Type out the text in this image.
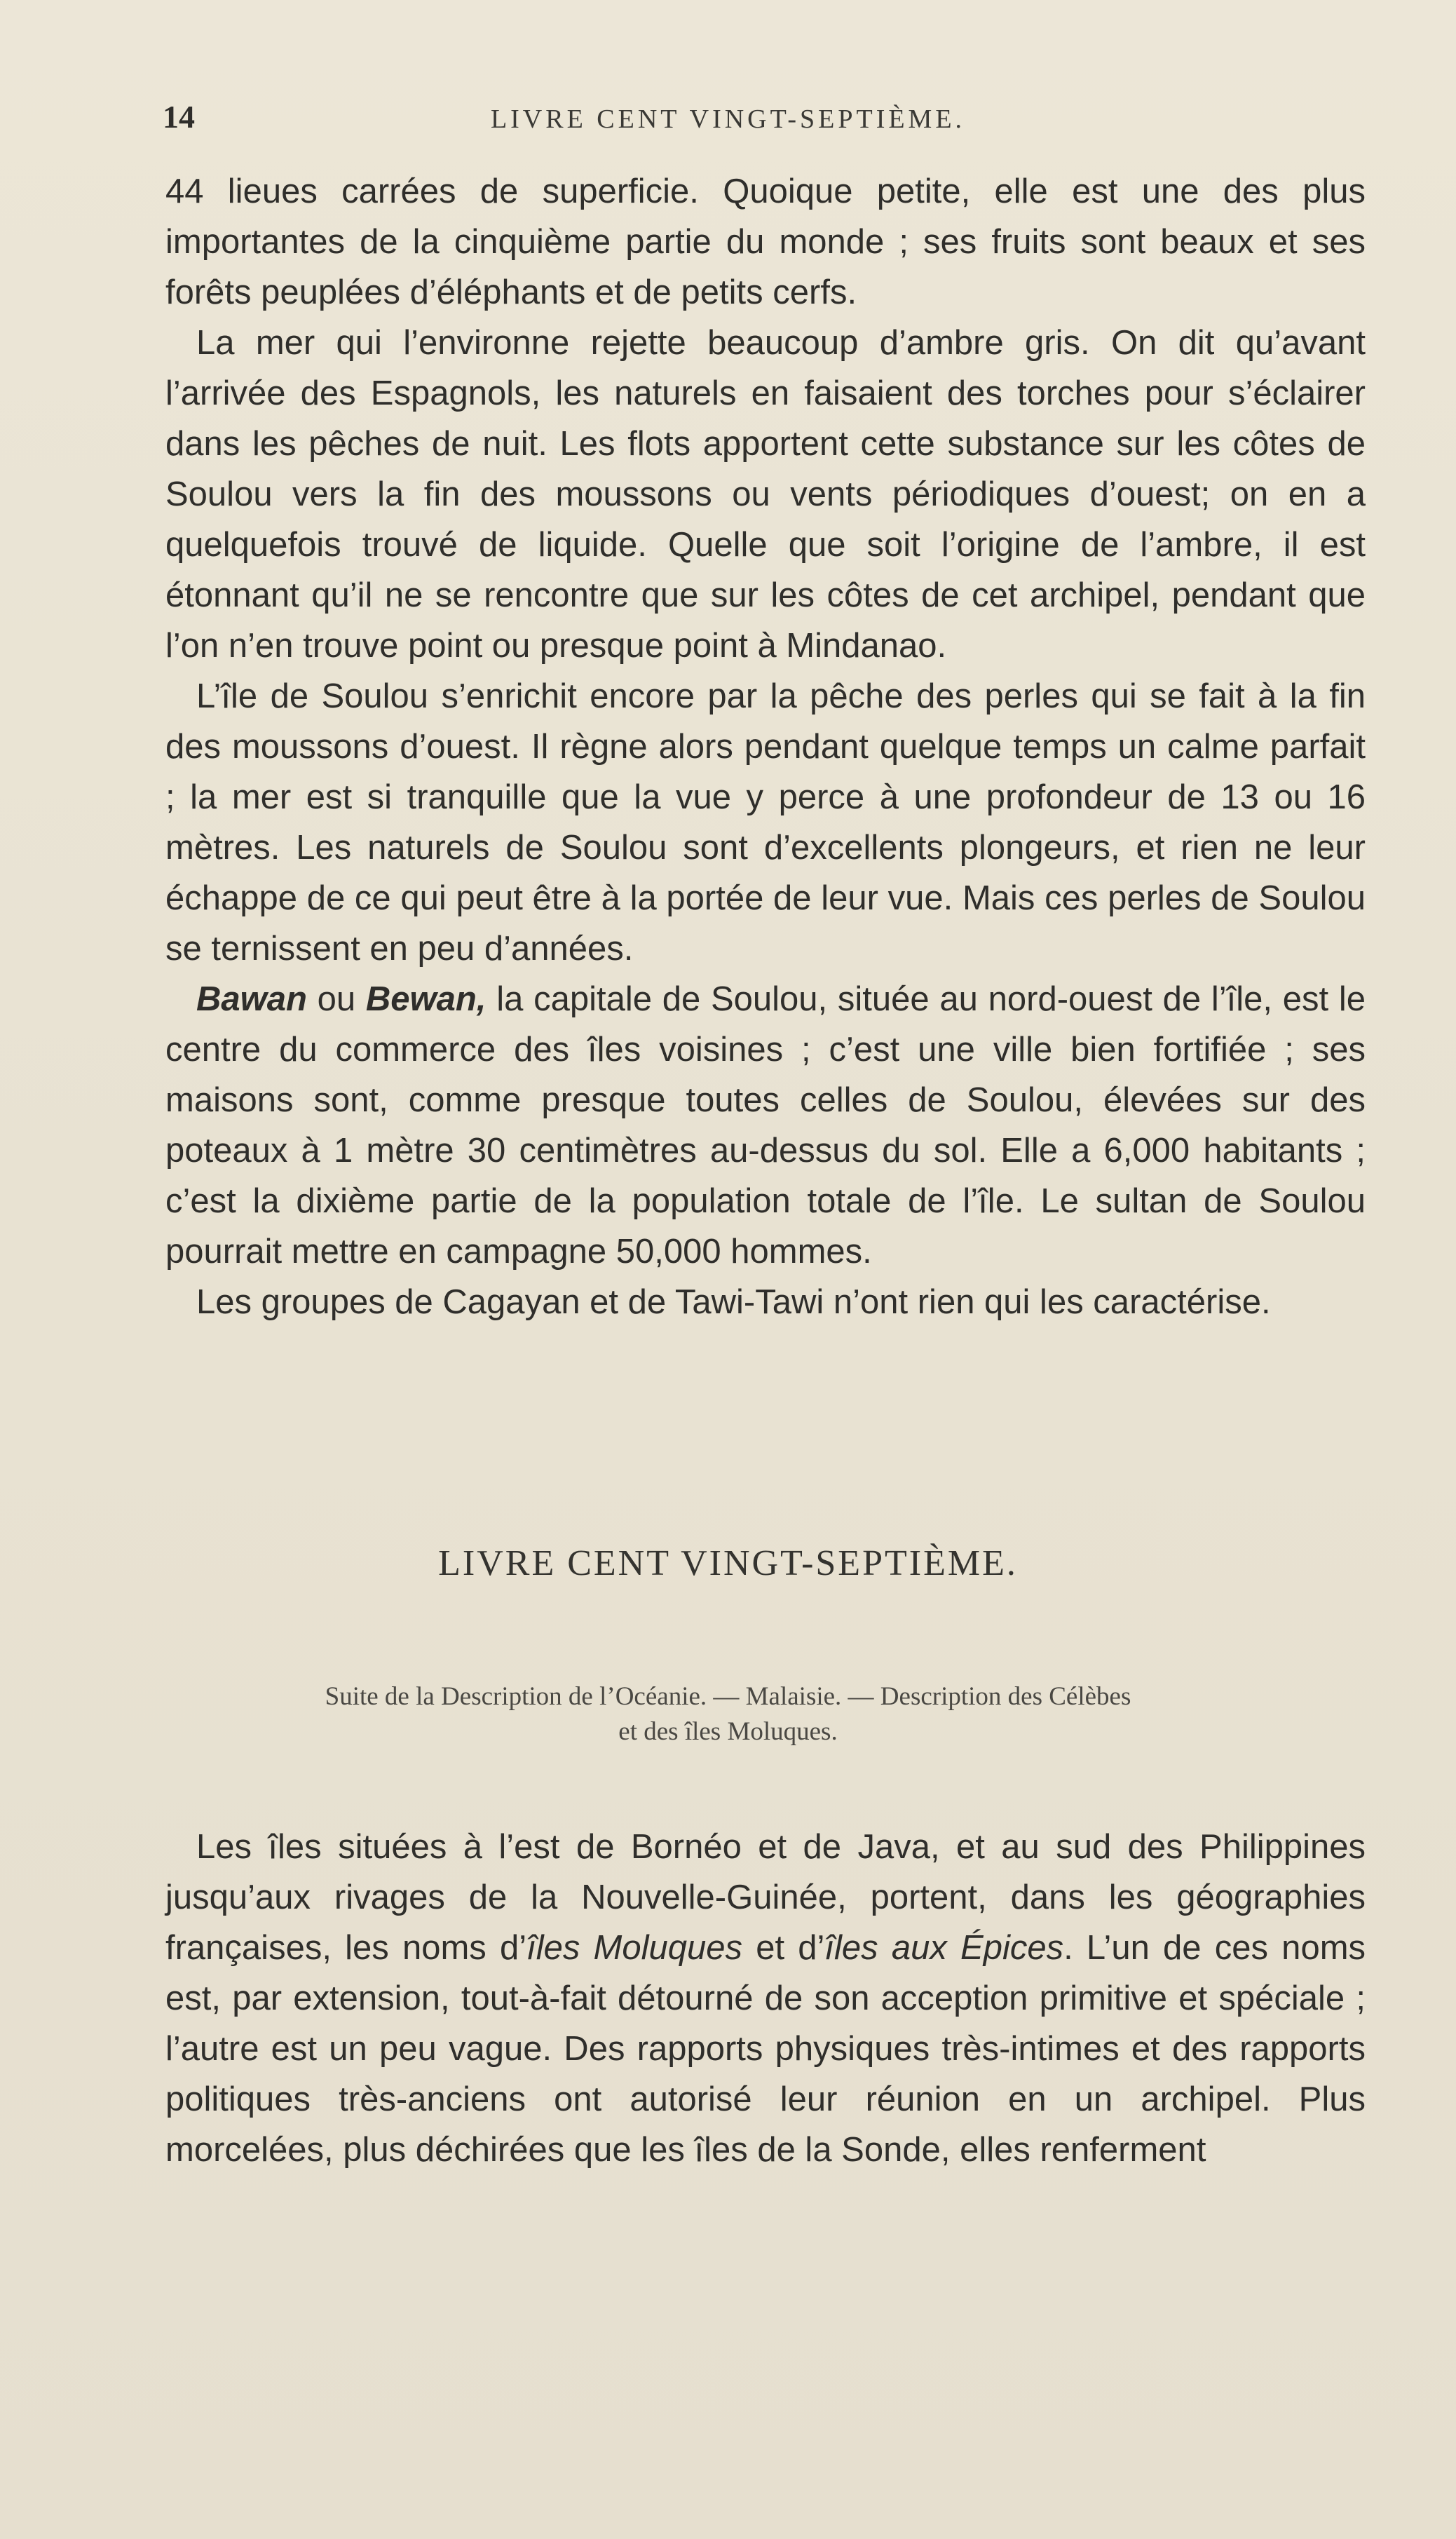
14	LIVRE CENT VINGT-SEPTIÈME.

44 lieues carrées de superficie. Quoique petite, elle est une des plus importantes de la cinquième partie du monde ; ses fruits sont beaux et ses forêts peuplées d’éléphants et de petits cerfs.

La mer qui l’environne rejette beaucoup d’ambre gris. On dit qu’avant l’arrivée des Espagnols, les naturels en faisaient des torches pour s’éclairer dans les pêches de nuit. Les flots apportent cette substance sur les côtes de Soulou vers la fin des moussons ou vents périodiques d’ouest; on en a quelquefois trouvé de liquide. Quelle que soit l’origine de l’ambre, il est étonnant qu’il ne se rencontre que sur les côtes de cet archipel, pendant que l’on n’en trouve point ou presque point à Mindanao.

L’île de Soulou s’enrichit encore par la pêche des perles qui se fait à la fin des moussons d’ouest. Il règne alors pendant quelque temps un calme parfait ; la mer est si tranquille que la vue y perce à une profondeur de 13 ou 16 mètres. Les naturels de Soulou sont d’excellents plongeurs, et rien ne leur échappe de ce qui peut être à la portée de leur vue. Mais ces perles de Soulou se ternissent en peu d’années.

Bawan ou Bewan, la capitale de Soulou, située au nord-ouest de l’île, est le centre du commerce des îles voisines ; c’est une ville bien fortifiée ; ses maisons sont, comme presque toutes celles de Soulou, élevées sur des poteaux à 1 mètre 30 centimètres au-dessus du sol. Elle a 6,000 habitants ; c’est la dixième partie de la population totale de l’île. Le sultan de Soulou pourrait mettre en campagne 50,000 hommes.

Les groupes de Cagayan et de Tawi-Tawi n’ont rien qui les caractérise.

LIVRE CENT VINGT-SEPTIÈME.
Suite de la Description de l’Océanie. — Malaisie. — Description des Célèbes
et des îles Moluques.

Les îles situées à l’est de Bornéo et de Java, et au sud des Philippines jusqu’aux rivages de la Nouvelle-Guinée, portent, dans les géographies françaises, les noms d’îles Moluques et d’îles aux Épices. L’un de ces noms est, par extension, tout-à-fait détourné de son acception primitive et spéciale ; l’autre est un peu vague. Des rapports physiques très-intimes et des rapports politiques très-anciens ont autorisé leur réunion en un archipel. Plus morcelées, plus déchirées que les îles de la Sonde, elles renferment
